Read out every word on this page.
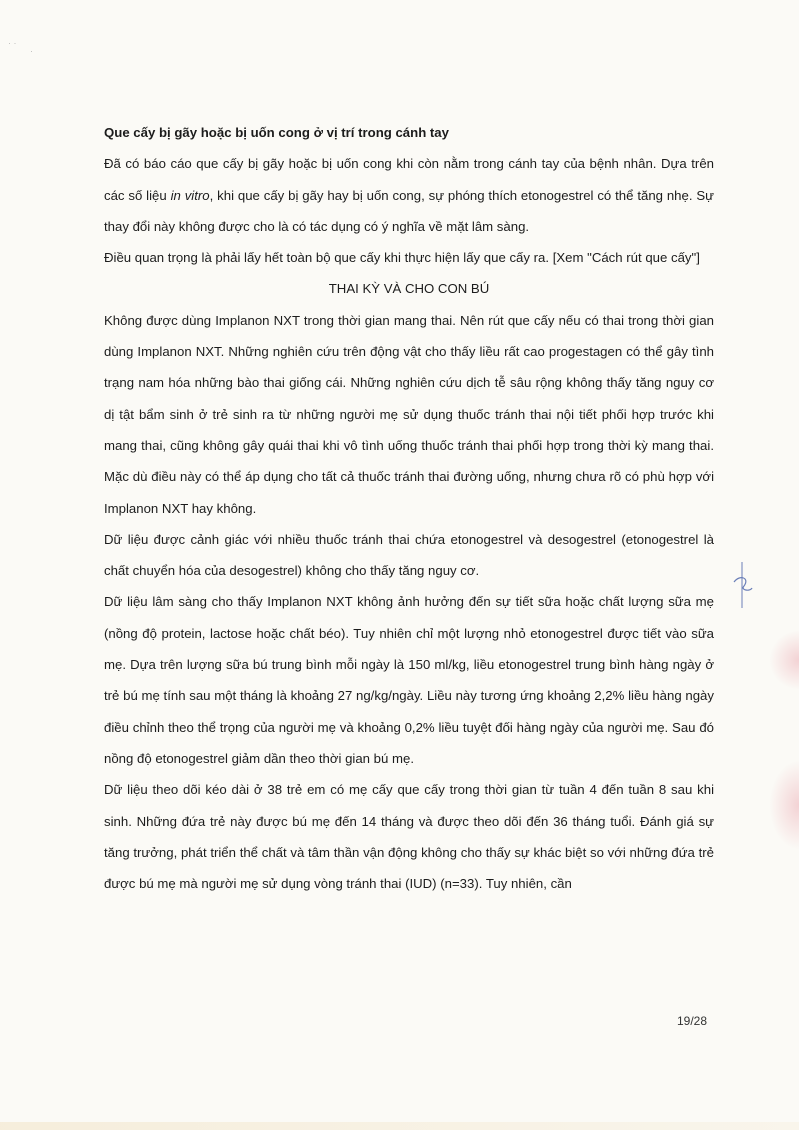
· ·
·

Que cấy bị gãy hoặc bị uốn cong ở vị trí trong cánh tay

Đã có báo cáo que cấy bị gãy hoặc bị uốn cong khi còn nằm trong cánh tay của bệnh nhân. Dựa trên các số liệu in vitro, khi que cấy bị gãy hay bị uốn cong, sự phóng thích etonogestrel có thể tăng nhẹ. Sự thay đổi này không được cho là có tác dụng có ý nghĩa về mặt lâm sàng.

Điều quan trọng là phải lấy hết toàn bộ que cấy khi thực hiện lấy que cấy ra. [Xem "Cách rút que cấy"]

THAI KỲ VÀ CHO CON BÚ

Không được dùng Implanon NXT trong thời gian mang thai. Nên rút que cấy nếu có thai trong thời gian dùng Implanon NXT. Những nghiên cứu trên động vật cho thấy liều rất cao progestagen có thể gây tình trạng nam hóa những bào thai giống cái. Những nghiên cứu dịch tễ sâu rộng không thấy tăng nguy cơ dị tật bẩm sinh ở trẻ sinh ra từ những người mẹ sử dụng thuốc tránh thai nội tiết phối hợp trước khi mang thai, cũng không gây quái thai khi vô tình uống thuốc tránh thai phối hợp trong thời kỳ mang thai. Mặc dù điều này có thể áp dụng cho tất cả thuốc tránh thai đường uống, nhưng chưa rõ có phù hợp với Implanon NXT hay không.

Dữ liệu được cảnh giác với nhiều thuốc tránh thai chứa etonogestrel và desogestrel (etonogestrel là chất chuyển hóa của desogestrel) không cho thấy tăng nguy cơ.

Dữ liệu lâm sàng cho thấy Implanon NXT không ảnh hưởng đến sự tiết sữa hoặc chất lượng sữa mẹ (nồng độ protein, lactose hoặc chất béo). Tuy nhiên chỉ một lượng nhỏ etonogestrel được tiết vào sữa mẹ. Dựa trên lượng sữa bú trung bình mỗi ngày là 150 ml/kg, liều etonogestrel trung bình hàng ngày ở trẻ bú mẹ tính sau một tháng là khoảng 27 ng/kg/ngày. Liều này tương ứng khoảng 2,2% liều hàng ngày điều chỉnh theo thể trọng của người mẹ và khoảng 0,2% liều tuyệt đối hàng ngày của người mẹ. Sau đó nồng độ etonogestrel giảm dần theo thời gian bú mẹ.

Dữ liệu theo dõi kéo dài ở 38 trẻ em có mẹ cấy que cấy trong thời gian từ tuần 4 đến tuần 8 sau khi sinh. Những đứa trẻ này được bú mẹ đến 14 tháng và được theo dõi đến 36 tháng tuổi. Đánh giá sự tăng trưởng, phát triển thể chất và tâm thần vận động không cho thấy sự khác biệt so với những đứa trẻ được bú mẹ mà người mẹ sử dụng vòng tránh thai (IUD) (n=33). Tuy nhiên, cần

19/28
